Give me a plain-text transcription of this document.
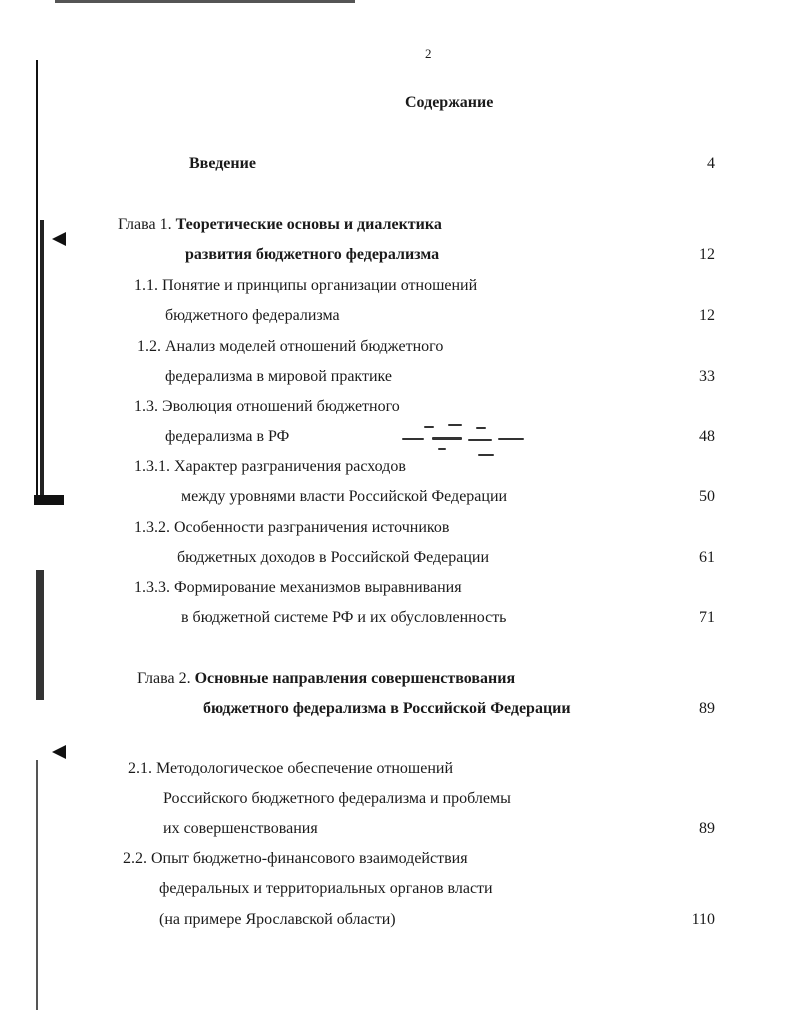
2
Содержание
Введение	4
Глава 1. Теоретические основы и диалектика
развития бюджетного федерализма	12
1.1. Понятие и принципы организации отношений
бюджетного федерализма	12
1.2. Анализ моделей отношений бюджетного
федерализма в мировой практике	33
1.3. Эволюция отношений бюджетного
федерализма в РФ	48
1.3.1. Характер разграничения расходов
между уровнями власти Российской Федерации	50
1.3.2. Особенности разграничения источников
бюджетных доходов в Российской Федерации	61
1.3.3. Формирование механизмов выравнивания
в бюджетной системе РФ и их обусловленность	71
Глава 2. Основные направления совершенствования
бюджетного федерализма в Российской Федерации	89
2.1. Методологическое обеспечение отношений
Российского бюджетного федерализма и проблемы
их совершенствования	89
2.2. Опыт бюджетно-финансового взаимодействия
федеральных и территориальных органов власти
(на примере Ярославской области)	110
